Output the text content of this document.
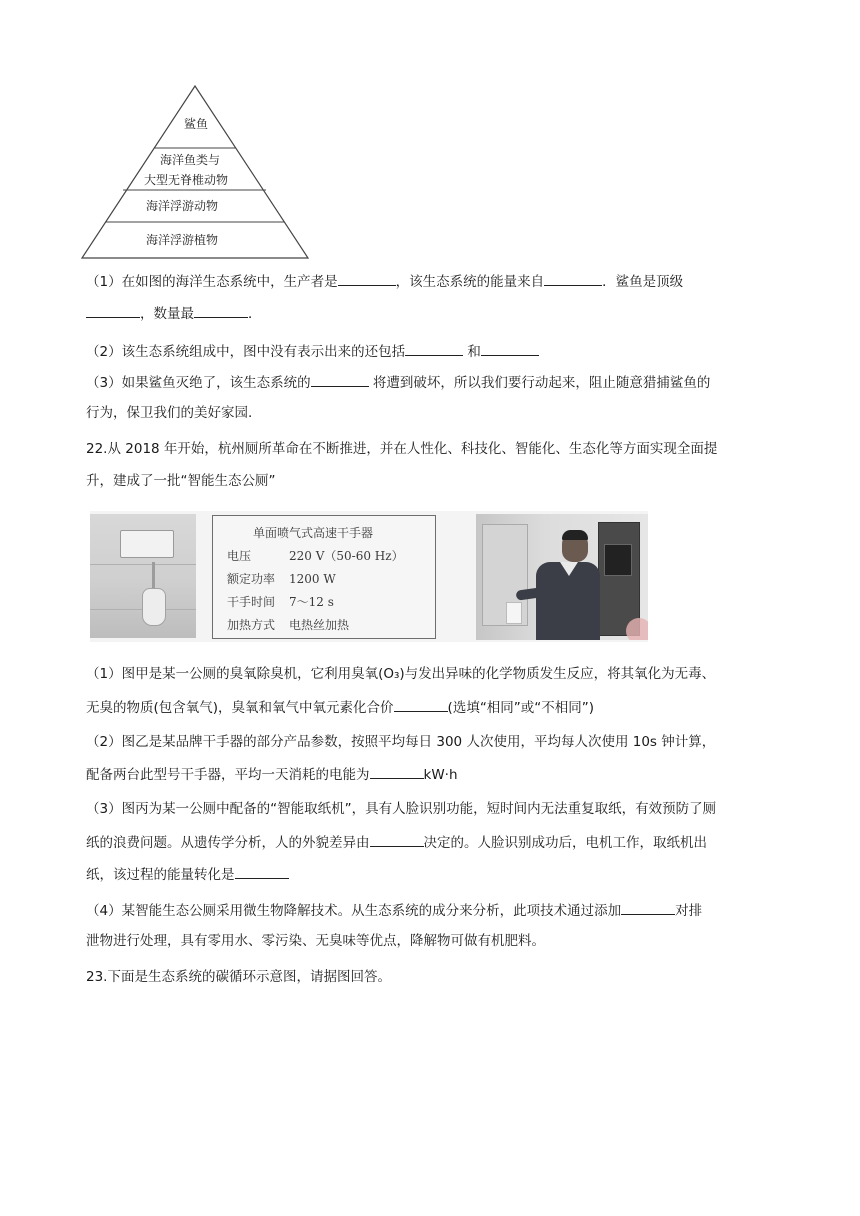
鲨鱼
海洋鱼类与
大型无脊椎动物
海洋浮游动物
海洋浮游植物
（1）在如图的海洋生态系统中，生产者是	，该生态系统的能量来自	．鲨鱼是顶级
，数量最	．
（2）该生态系统组成中，图中没有表示出来的还包括	和
（3）如果鲨鱼灭绝了，该生态系统的	将遭到破坏，所以我们要行动起来，阻止随意猎捕鲨鱼的
行为，保卫我们的美好家园.
22.从 2018 年开始，杭州厕所革命在不断推进，并在人性化、科技化、智能化、生态化等方面实现全面提
升，建成了一批“智能生态公厕”
单面喷气式高速干手器
电压	220 V（50-60 Hz）
额定功率 1200 W
干手时间 7～12 s
加热方式 电热丝加热
（1）图甲是某一公厕的臭氧除臭机，它利用臭氧(O₃)与发出异味的化学物质发生反应，将其氧化为无毒、
无臭的物质(包含氧气)，臭氧和氧气中氧元素化合价	(选填“相同”或“不相同”)
（2）图乙是某品牌干手器的部分产品参数，按照平均每日 300 人次使用，平均每人次使用 10s 钟计算，
配备两台此型号干手器，平均一天消耗的电能为	kW·h
（3）图丙为某一公厕中配备的“智能取纸机”，具有人脸识别功能，短时间内无法重复取纸，有效预防了厕
纸的浪费问题。从遗传学分析，人的外貌差异由	决定的。人脸识别成功后，电机工作，取纸机出
纸，该过程的能量转化是
（4）某智能生态公厕采用微生物降解技术。从生态系统的成分来分析，此项技术通过添加	对排
泄物进行处理，具有零用水、零污染、无臭味等优点，降解物可做有机肥料。
23.下面是生态系统的碳循环示意图，请据图回答。
